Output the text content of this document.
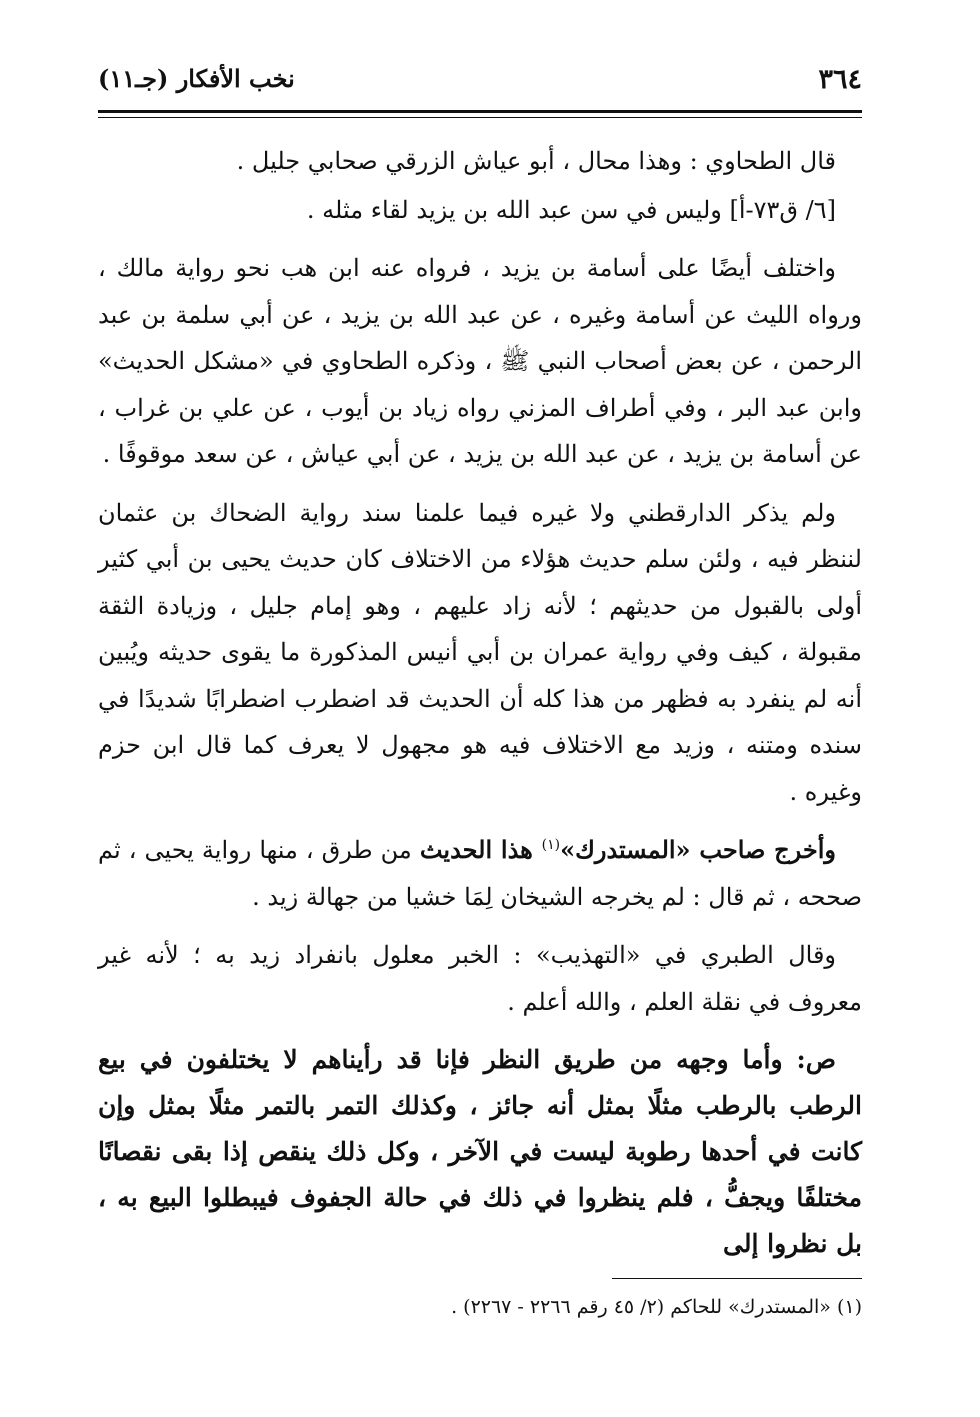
٣٦٤
نخب الأفكار (جـ١١)

قال الطحاوي : وهذا محال ، أبو عياش الزرقي صحابي جليل .

[٦/ ق٧٣-أ] وليس في سن عبد الله بن يزيد لقاء مثله .

واختلف أيضًا على أسامة بن يزيد ، فرواه عنه ابن هب نحو رواية مالك ، ورواه الليث عن أسامة وغيره ، عن عبد الله بن يزيد ، عن أبي سلمة بن عبد الرحمن ، عن بعض أصحاب النبي ﷺ ، وذكره الطحاوي في «مشكل الحديث» وابن عبد البر ، وفي أطراف المزني رواه زياد بن أيوب ، عن علي بن غراب ، عن أسامة بن يزيد ، عن عبد الله بن يزيد ، عن أبي عياش ، عن سعد موقوفًا .

ولم يذكر الدارقطني ولا غيره فيما علمنا سند رواية الضحاك بن عثمان لننظر فيه ، ولئن سلم حديث هؤلاء من الاختلاف كان حديث يحيى بن أبي كثير أولى بالقبول من حديثهم ؛ لأنه زاد عليهم ، وهو إمام جليل ، وزيادة الثقة مقبولة ، كيف وفي رواية عمران بن أبي أنيس المذكورة ما يقوى حديثه ويُبين أنه لم ينفرد به فظهر من هذا كله أن الحديث قد اضطرب اضطرابًا شديدًا في سنده ومتنه ، وزيد مع الاختلاف فيه هو مجهول لا يعرف كما قال ابن حزم وغيره .

وأخرج صاحب «المستدرك»$^{(١)}$ هذا الحديث من طرق ، منها رواية يحيى ، ثم صححه ، ثم قال : لم يخرجه الشيخان لِمَا خشيا من جهالة زيد .

وقال الطبري في «التهذيب» : الخبر معلول بانفراد زيد به ؛ لأنه غير معروف في نقلة العلم ، والله أعلم .

ص: وأما وجهه من طريق النظر فإنا قد رأيناهم لا يختلفون في بيع الرطب بالرطب مثلًا بمثل أنه جائز ، وكذلك التمر بالتمر مثلًا بمثل وإن كانت في أحدها رطوبة ليست في الآخر ، وكل ذلك ينقص إذا بقى نقصانًا مختلفًا ويجفُّ ، فلم ينظروا في ذلك في حالة الجفوف فيبطلوا البيع به ، بل نظروا إلى

(١) «المستدرك» للحاكم (٢/ ٤٥ رقم ٢٢٦٦ - ٢٢٦٧) .
